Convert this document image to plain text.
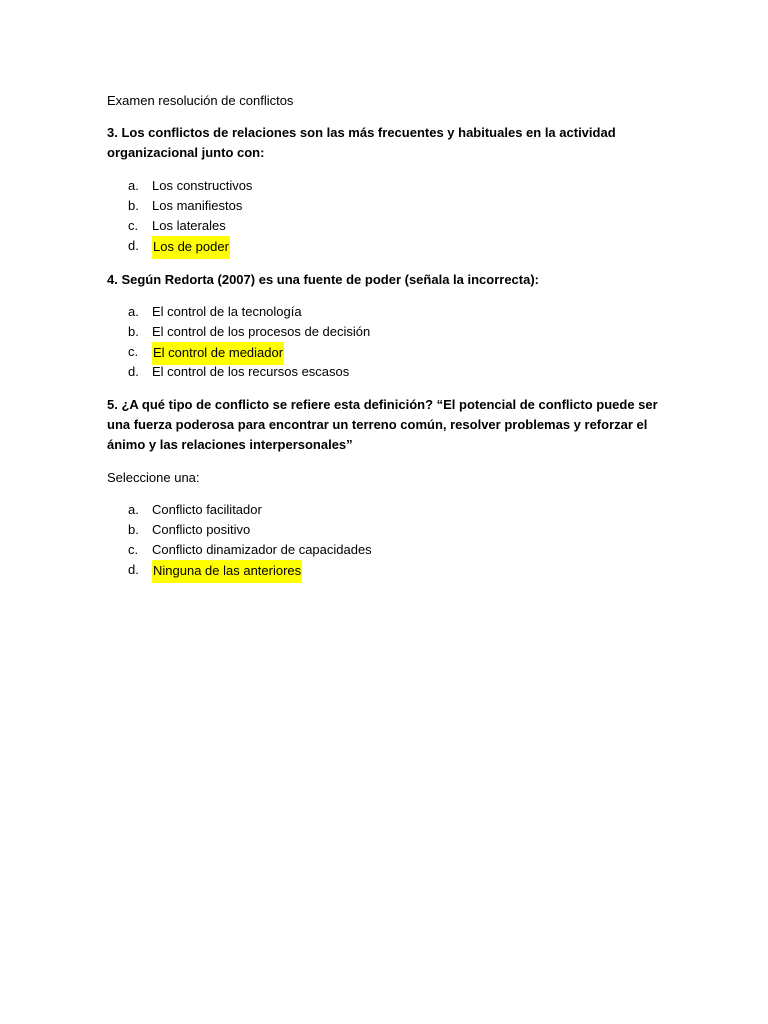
Examen resolución de conflictos

3. Los conflictos de relaciones son las más frecuentes y habituales en la actividad organizacional junto con:

a.	Los constructivos
b.	Los manifiestos
c.	Los laterales
d.	Los de poder

4. Según Redorta (2007) es una fuente de poder (señala la incorrecta):

a.	El control de la tecnología
b.	El control de los procesos de decisión
c.	El control de mediador
d.	El control de los recursos escasos

5. ¿A qué tipo de conflicto se refiere esta definición? “El potencial de conflicto puede ser una fuerza poderosa para encontrar un terreno común, resolver problemas y reforzar el ánimo y las relaciones interpersonales”

Seleccione una:

a.	Conflicto facilitador
b.	Conflicto positivo
c.	Conflicto dinamizador de capacidades
d.	Ninguna de las anteriores
